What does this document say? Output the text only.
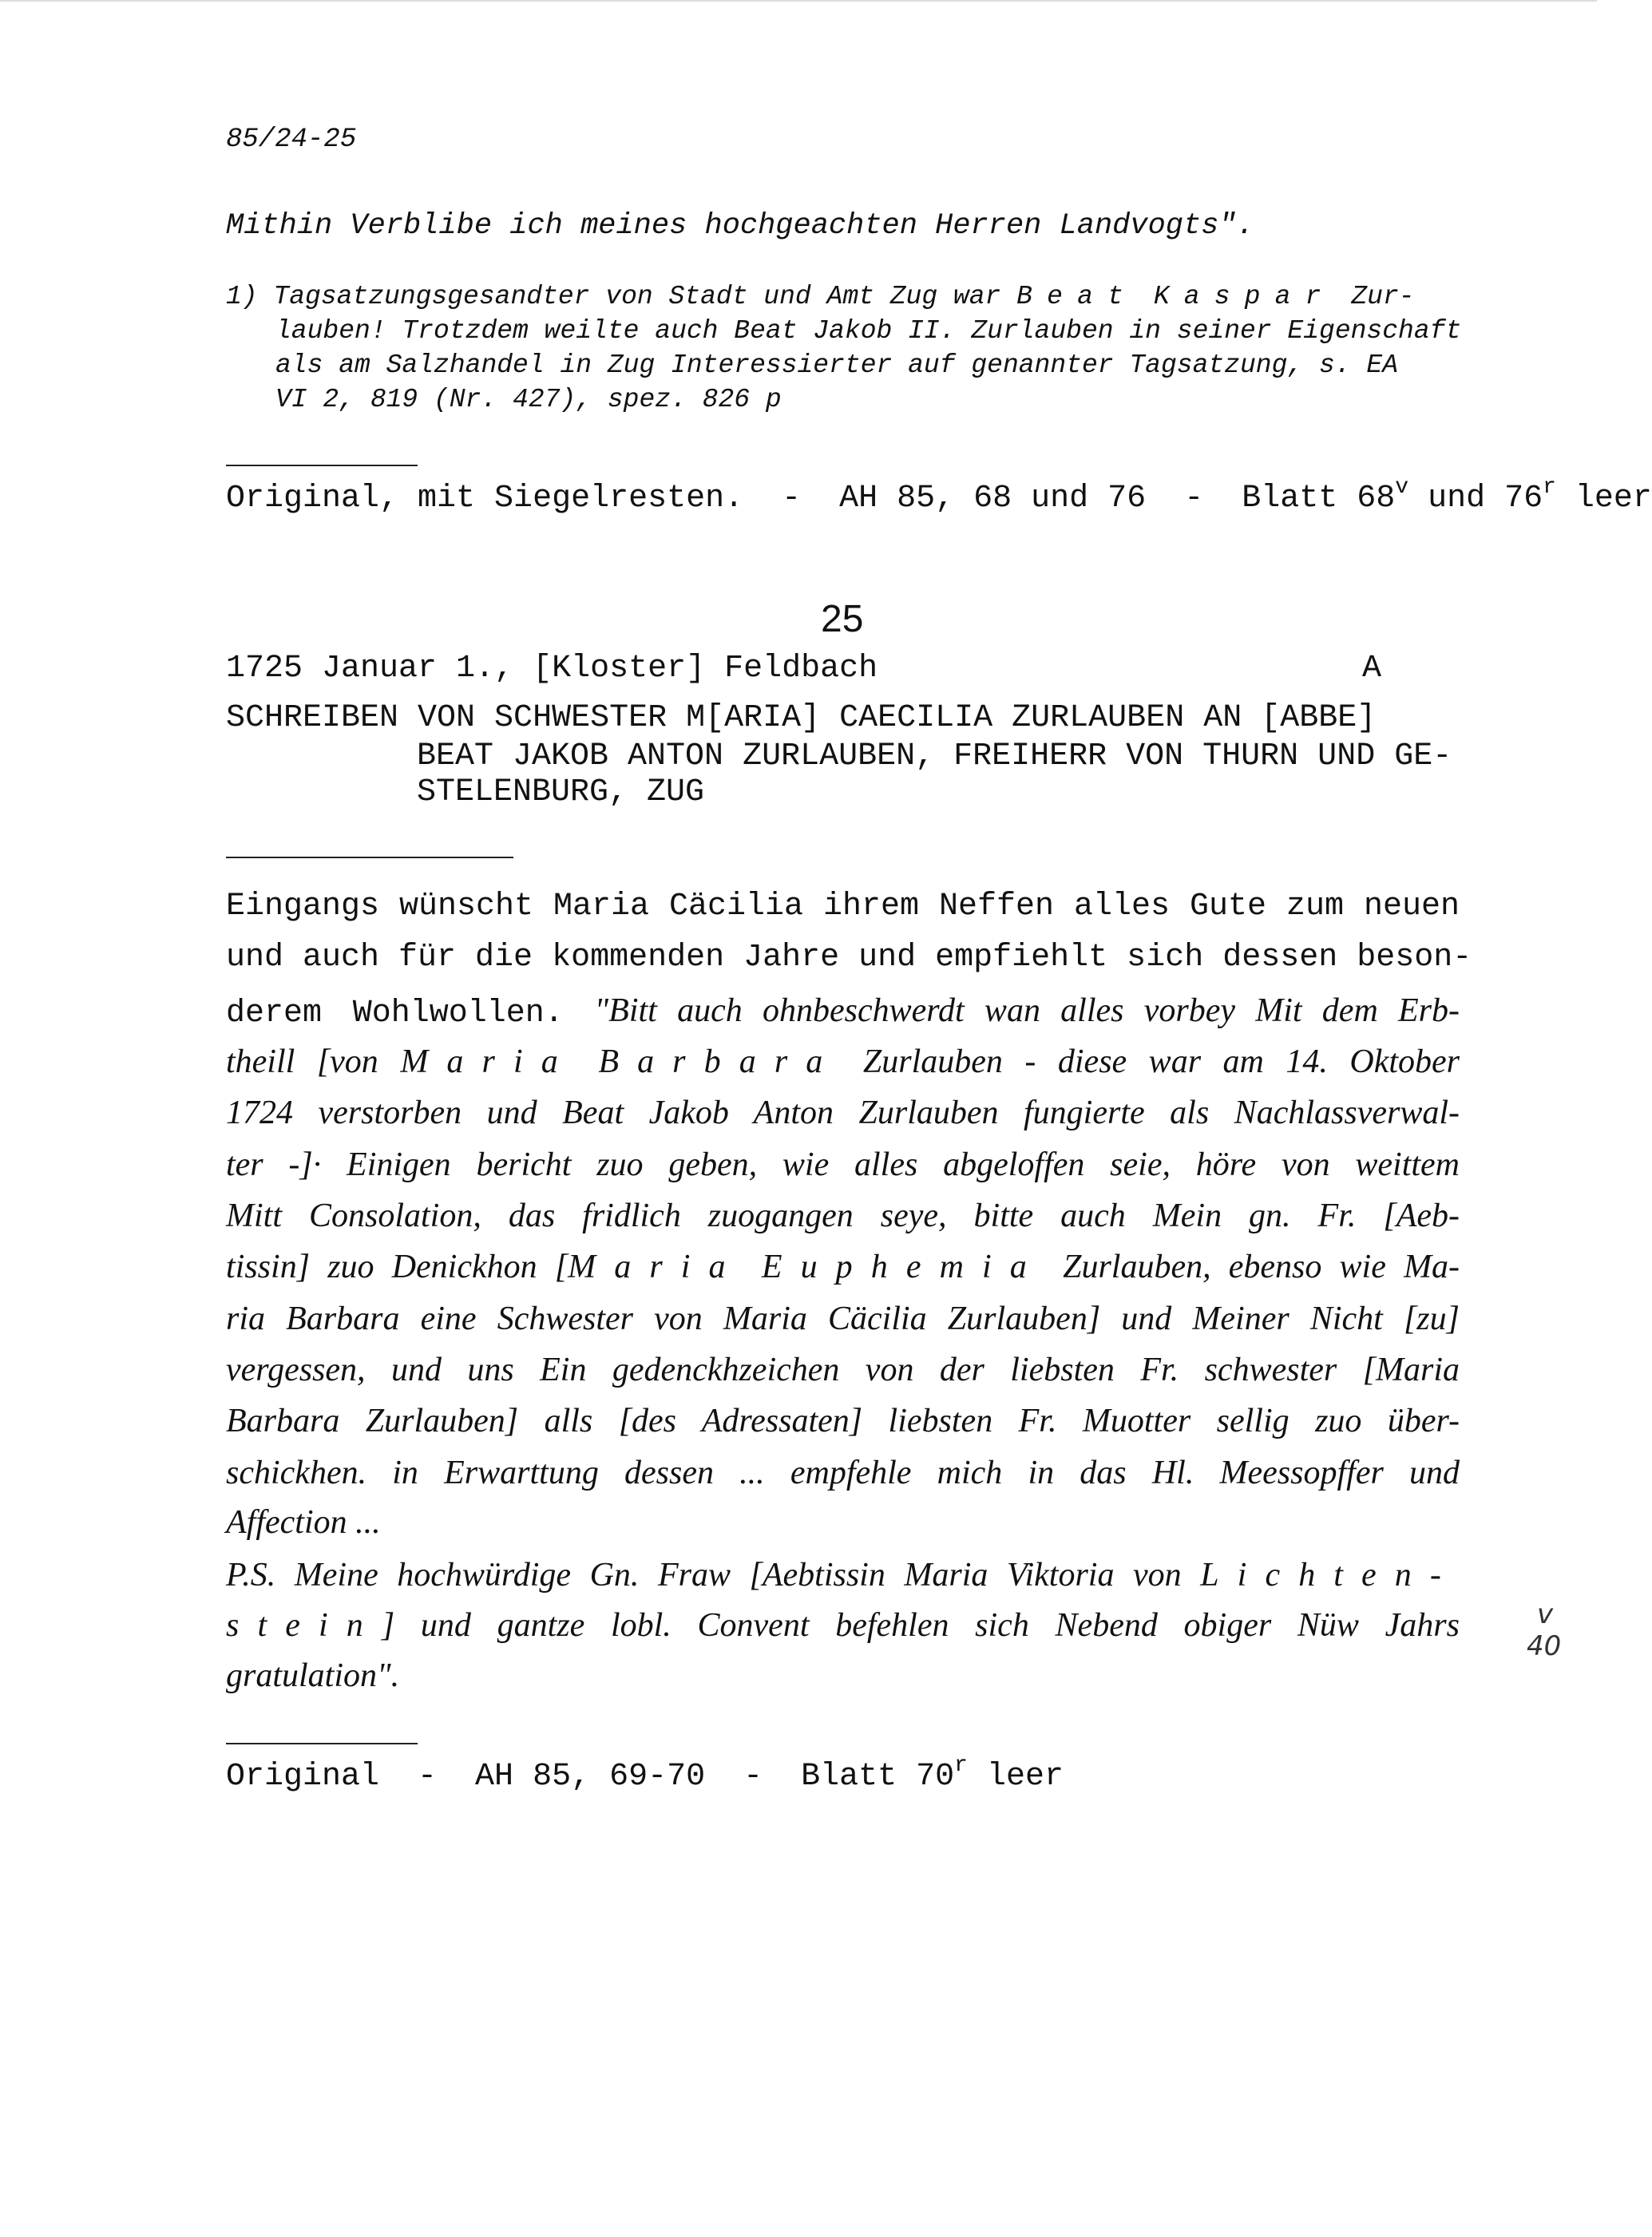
85/24-25
Mithin Verblibe ich meines hochgeachten Herren Landvogts".
1) Tagsatzungsgesandter von Stadt und Amt Zug war Beat Kaspar Zur-
lauben! Trotzdem weilte auch Beat Jakob II. Zurlauben in seiner Eigenschaft
als am Salzhandel in Zug Interessierter auf genannter Tagsatzung, s. EA
VI 2, 819 (Nr. 427), spez. 826 p
Original, mit Siegelresten.  -  AH 85, 68 und 76  -  Blatt 68$^v$ und 76$^r$ leer
25
1725 Januar 1., [Kloster] Feldbach	A
SCHREIBEN VON SCHWESTER M[ARIA] CAECILIA ZURLAUBEN AN [ABBE]
BEAT JAKOB ANTON ZURLAUBEN, FREIHERR VON THURN UND GE-
STELENBURG, ZUG
Eingangs wünscht Maria Cäcilia ihrem Neffen alles Gute zum neuen
und auch für die kommenden Jahre und empfiehlt sich dessen beson-
derem Wohlwollen. "Bitt auch ohnbeschwerdt wan alles vorbey Mit dem Erb-
theill [von Maria Barbara Zurlauben - diese war am 14. Oktober
1724 verstorben und Beat Jakob Anton Zurlauben fungierte als Nachlassverwal-
ter -]· Einigen bericht zuo geben, wie alles abgeloffen seie, höre von weittem
Mitt Consolation, das fridlich zuogangen seye, bitte auch Mein gn. Fr. [Aeb-
tissin] zuo Denickhon [Maria Euphemia Zurlauben, ebenso wie Ma-
ria Barbara eine Schwester von Maria Cäcilia Zurlauben] und Meiner Nicht [zu]
vergessen, und uns Ein gedenckhzeichen von der liebsten Fr. schwester [Maria
Barbara Zurlauben] alls [des Adressaten] liebsten Fr. Muotter sellig zuo über-
schickhen. in Erwarttung dessen ... empfehle mich in das Hl. Meessopffer und
Affection ...
P.S. Meine hochwürdige Gn. Fraw [Aebtissin Maria Viktoria von Lichten-
stein] und gantze lobl. Convent befehlen sich Nebend obiger Nüw Jahrs
gratulation".
Original  -  AH 85, 69-70  -  Blatt 70$^r$ leer
v
40
